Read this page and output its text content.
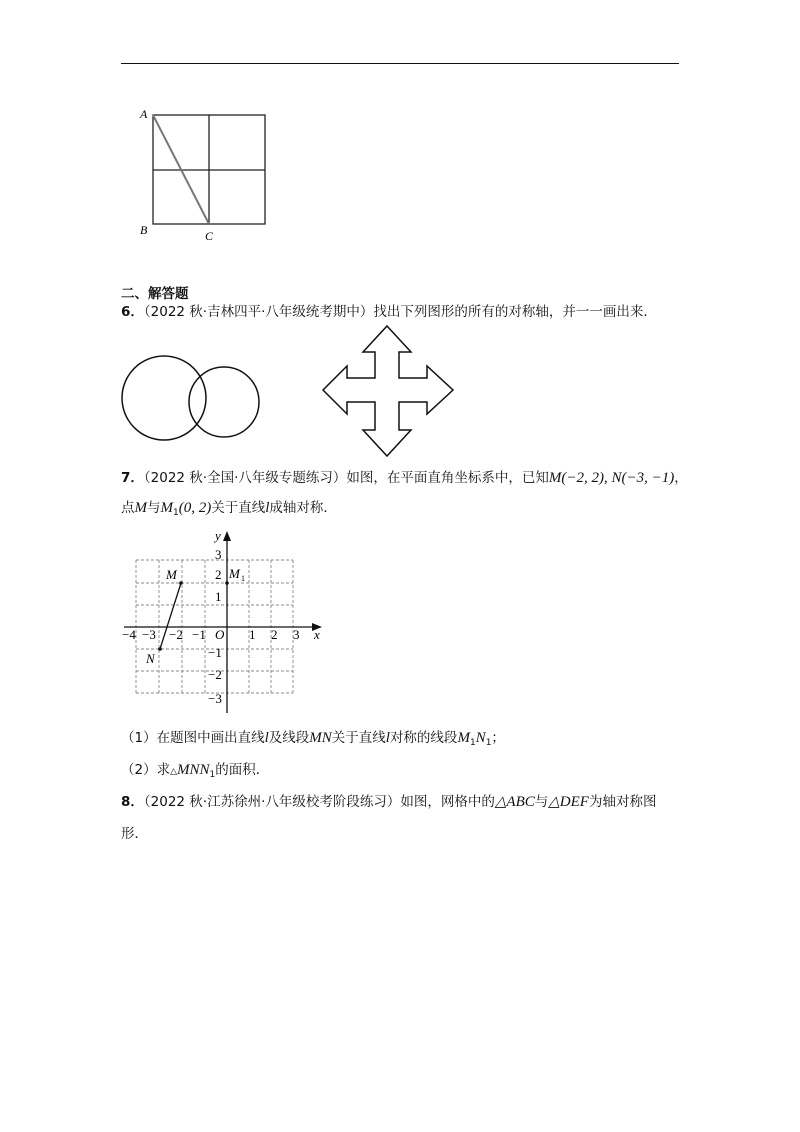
A
B	C
二、解答题
6．（2022 秋·吉林四平·八年级统考期中）找出下列图形的所有的对称轴，并一一画出来．
7．（2022 秋·全国·八年级专题练习）如图，在平面直角坐标系中，已知M(−2, 2), N(−3, −1)，
点M与$M_1(0$, 2)关于直线l成轴对称．
x
y
O
−4 −3 −2 −1	1 2 3
3
2
1
−1
−2
−3
M
N
M 1
（1）在题图中画出直线l及线段MN关于直线l对称的线段$M_1N_1$；
（2）求$\triangle MNN_1$的面积．
8．（2022 秋·江苏徐州·八年级校考阶段练习）如图，网格中的△ABC与△DEF为轴对称图
形．
